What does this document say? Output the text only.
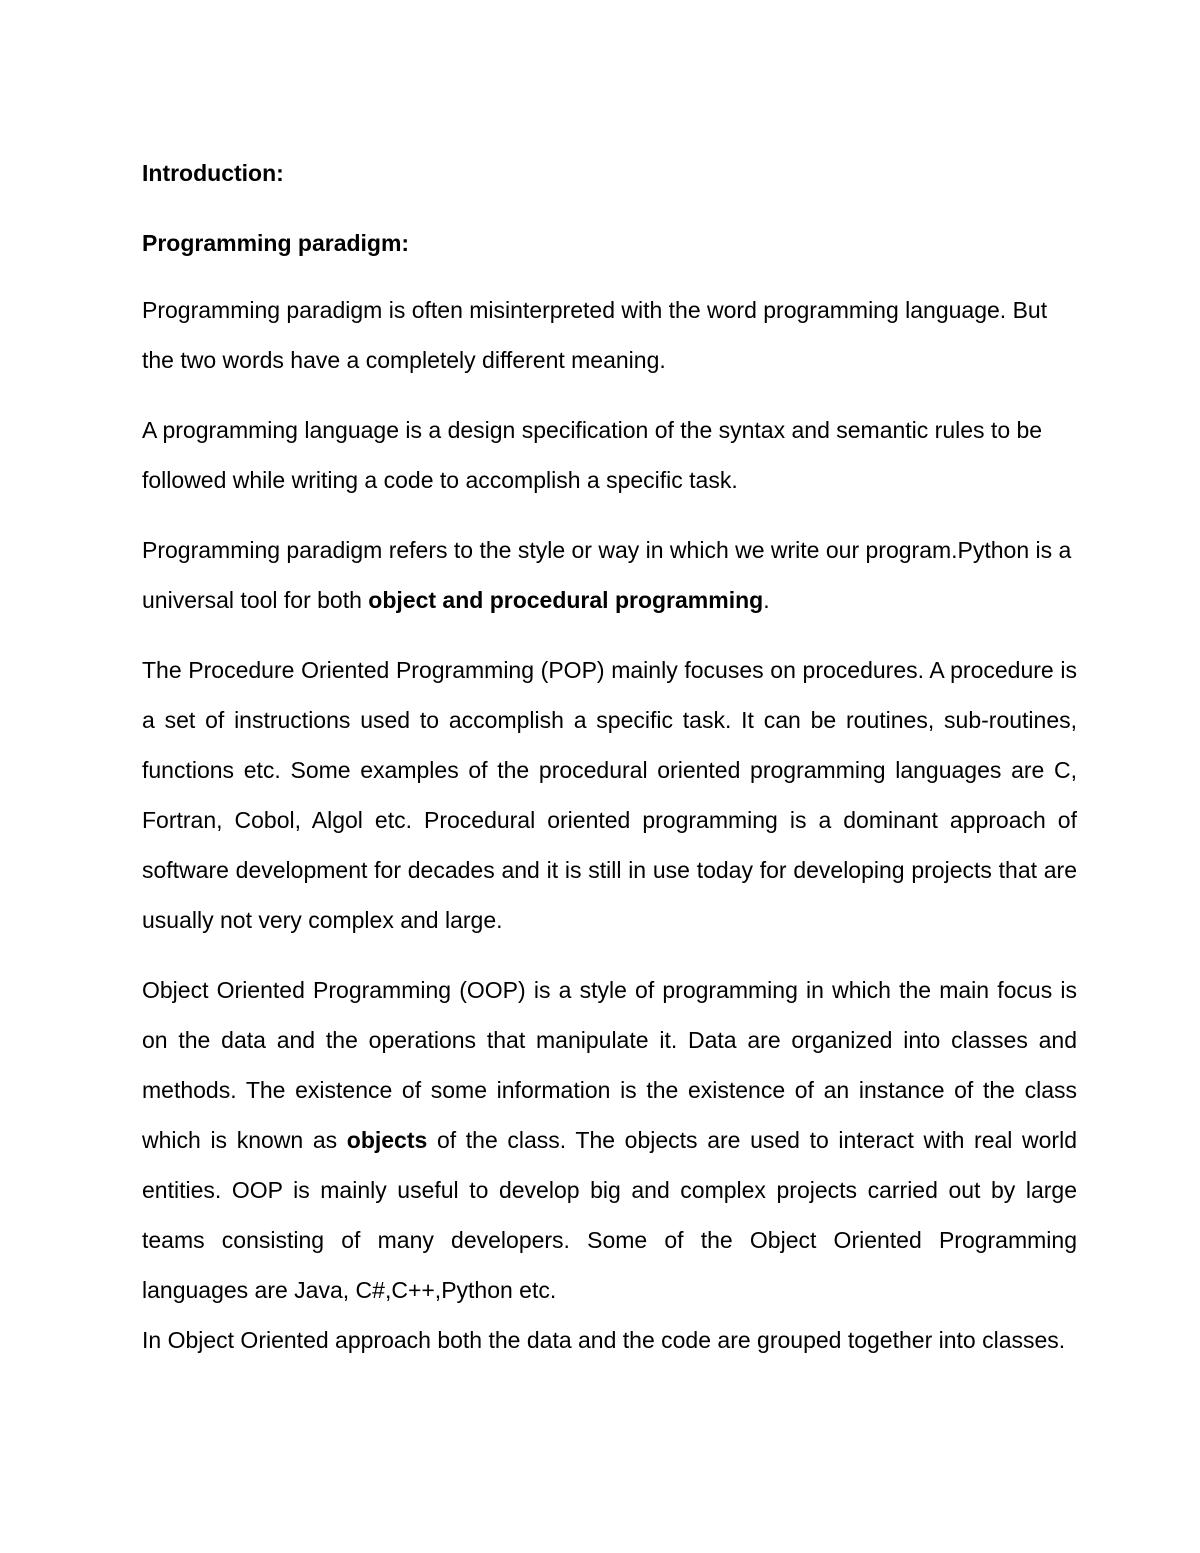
Introduction:

Programming paradigm:

Programming paradigm is often misinterpreted with the word programming language. But the two words have a completely different meaning.

A programming language is a design specification of the syntax and semantic rules to be followed while writing a code to accomplish a specific task.

Programming paradigm refers to the style or way in which we write our program.Python is a universal tool for both object and procedural programming.

The Procedure Oriented Programming (POP) mainly focuses on procedures. A procedure is a set of instructions used to accomplish a specific task. It can be routines, sub-routines, functions etc. Some examples of the procedural oriented programming languages are C, Fortran, Cobol, Algol etc. Procedural oriented programming is a dominant approach of software development for decades and it is still in use today for developing projects that are usually not very complex and large.

Object Oriented Programming (OOP) is a style of programming in which the main focus is on the data and the operations that manipulate it. Data are organized into classes and methods. The existence of some information is the existence of an instance of the class which is known as objects of the class. The objects are used to interact with real world entities. OOP is mainly useful to develop big and complex projects carried out by large teams consisting of many developers. Some of the Object Oriented Programming languages are Java, C#,C++,Python etc.

In Object Oriented approach both the data and the code are grouped together into classes.
